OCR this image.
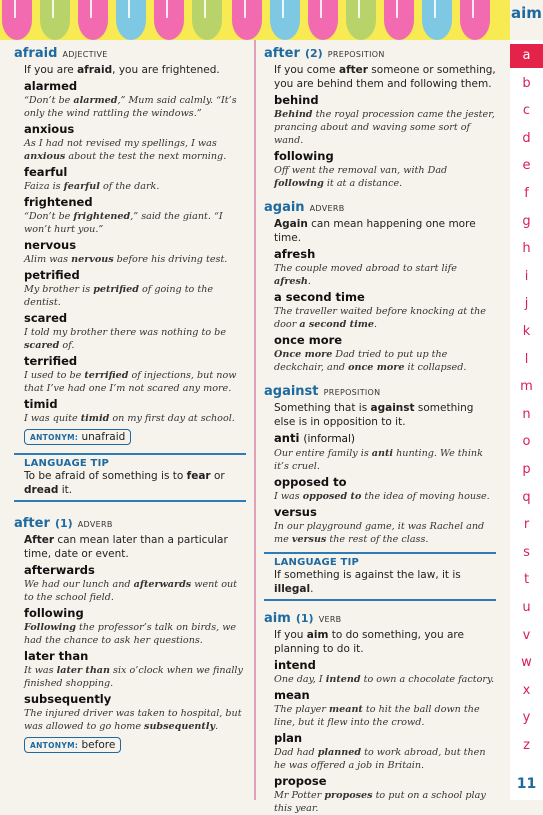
aim
a
b
c
d
e
f
g
h
i
j
k
l
m
n
o
p
q
r
s
t
u
v
w
x
y
z
11
afraid ADJECTIVE
If you are afraid, you are frightened.
alarmed
“Don’t be alarmed,” Mum said calmly. “It’s only the wind rattling the windows.”
anxious
As I had not revised my spellings, I was anxious about the test the next morning.
fearful
Faiza is fearful of the dark.
frightened
“Don’t be frightened,” said the giant. “I won’t hurt you.”
nervous
Alim was nervous before his driving test.
petrified
My brother is petrified of going to the dentist.
scared
I told my brother there was nothing to be scared of.
terrified
I used to be terrified of injections, but now that I’ve had one I’m not scared any more.
timid
I was quite timid on my first day at school.
ANTONYM: unafraid
LANGUAGE TIP
To be afraid of something is to fear or dread it.
after (1) ADVERB
After can mean later than a particular time, date or event.
afterwards
We had our lunch and afterwards went out to the school field.
following
Following the professor’s talk on birds, we had the chance to ask her questions.
later than
It was later than six o’clock when we finally finished shopping.
subsequently
The injured driver was taken to hospital, but was allowed to go home subsequently.
ANTONYM: before
after (2) PREPOSITION
If you come after someone or something, you are behind them and following them.
behind
Behind the royal procession came the jester, prancing about and waving some sort of wand.
following
Off went the removal van, with Dad following it at a distance.
again ADVERB
Again can mean happening one more time.
afresh
The couple moved abroad to start life afresh.
a second time
The traveller waited before knocking at the door a second time.
once more
Once more Dad tried to put up the deckchair, and once more it collapsed.
against PREPOSITION
Something that is against something else is in opposition to it.
anti (informal)
Our entire family is anti hunting. We think it’s cruel.
opposed to
I was opposed to the idea of moving house.
versus
In our playground game, it was Rachel and me versus the rest of the class.
LANGUAGE TIP
If something is against the law, it is illegal.
aim (1) VERB
If you aim to do something, you are planning to do it.
intend
One day, I intend to own a chocolate factory.
mean
The player meant to hit the ball down the line, but it flew into the crowd.
plan
Dad had planned to work abroad, but then he was offered a job in Britain.
propose
Mr Potter proposes to put on a school play this year.
